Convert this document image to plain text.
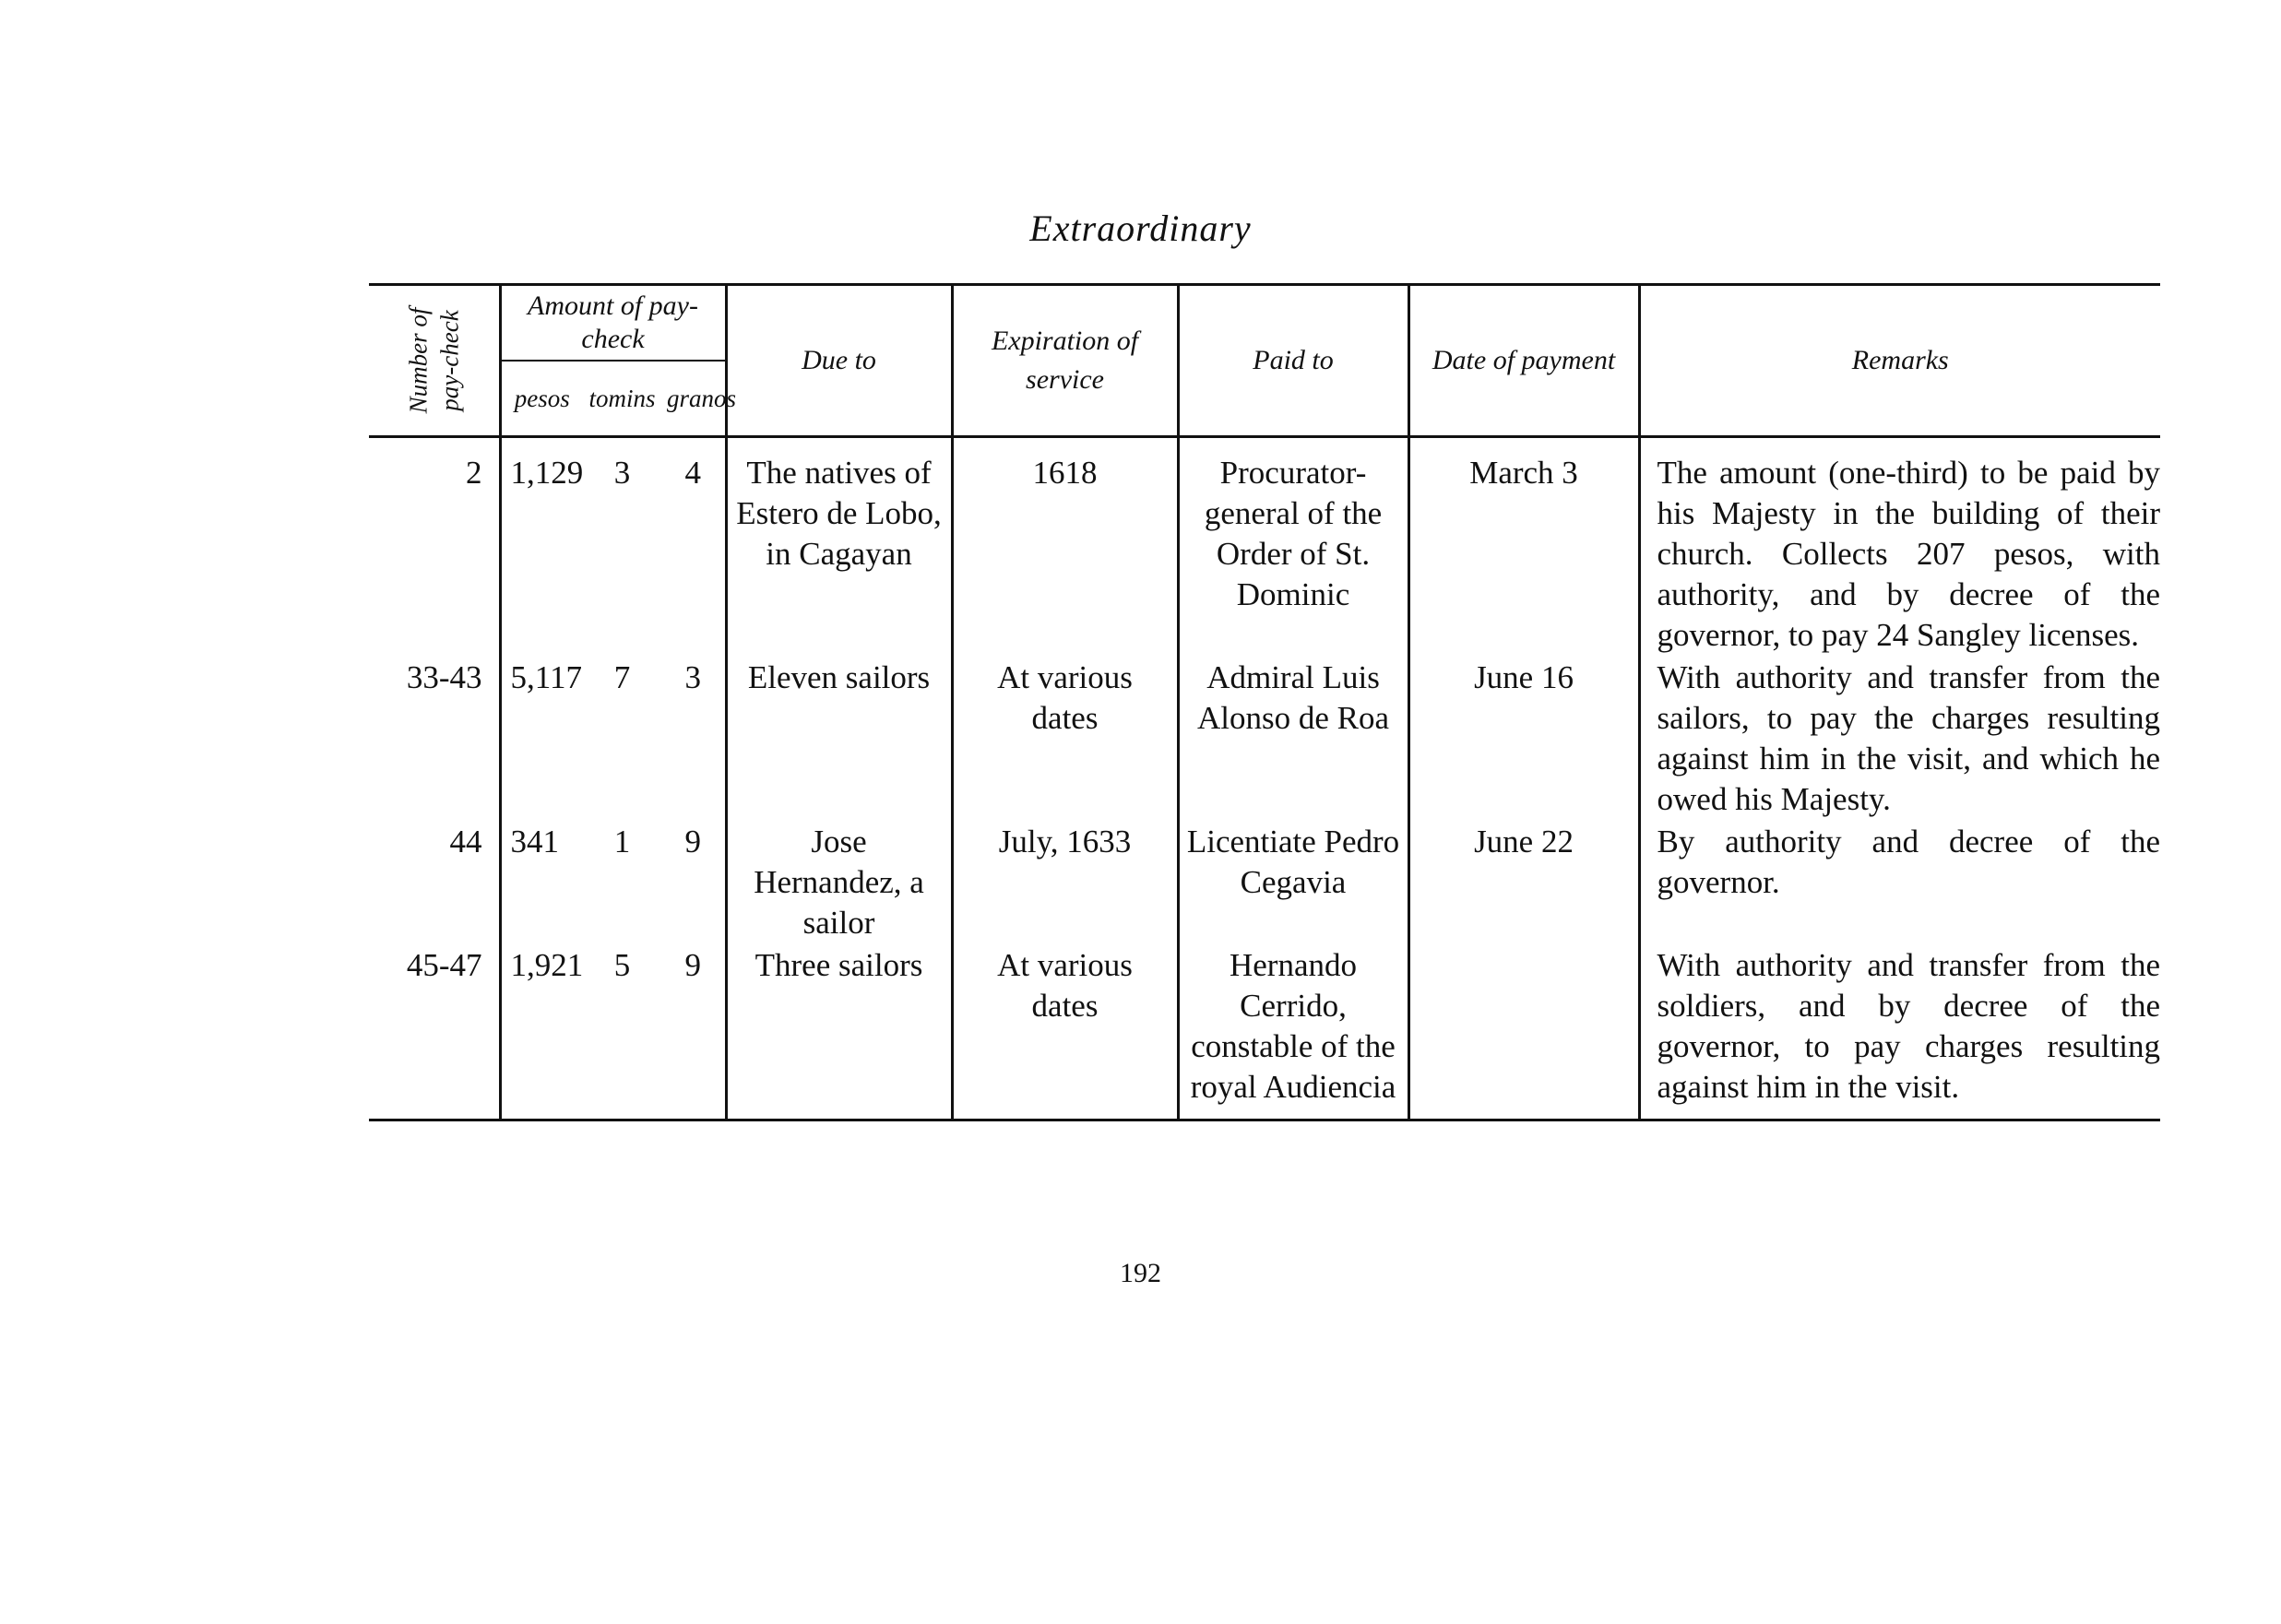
Extraordinary
Number of pay-check	Amount of pay-check			Due to	Expiration of service	Paid to	Date of payment	Remarks
	pesos	tomins	granos					
2	1,129	3	4	The natives of Estero de Lobo, in Cagayan	1618	Procurator-general of the Order of St. Dominic	March 3	The amount (one-third) to be paid by his Majesty in the building of their church. Collects 207 pesos, with authority, and by decree of the governor, to pay 24 Sangley licenses.
33-43	5,117	7	3	Eleven sailors	At various dates	Admiral Luis Alonso de Roa	June 16	With authority and transfer from the sailors, to pay the charges resulting against him in the visit, and which he owed his Majesty.
44	341	1	9	Jose Hernandez, a sailor	July, 1633	Licentiate Pedro Cegavia	June 22	By authority and decree of the governor.
45-47	1,921	5	9	Three sailors	At various dates	Hernando Cerrido, constable of the royal Audiencia		With authority and transfer from the soldiers, and by decree of the governor, to pay charges resulting against him in the visit.
192
